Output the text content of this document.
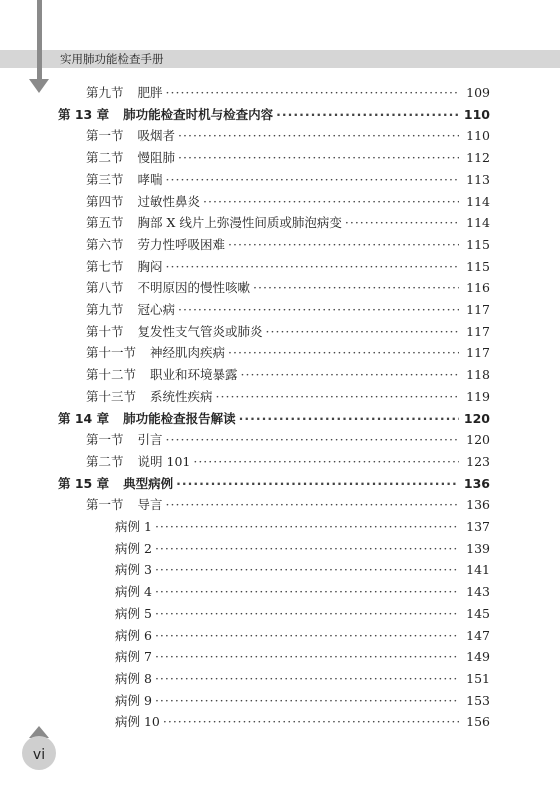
实用肺功能检查手册
第九节 肥胖 ·····	109
第 13 章 肺功能检查时机与检查内容 ·····	110
第一节 吸烟者 ·····	110
第二节 慢阻肺 ·····	112
第三节 哮喘 ·····	113
第四节 过敏性鼻炎 ·····	114
第五节 胸部 X 线片上弥漫性间质或肺泡病变 ·····	114
第六节 劳力性呼吸困难 ·····	115
第七节 胸闷 ·····	115
第八节 不明原因的慢性咳嗽 ·····	116
第九节 冠心病 ·····	117
第十节 复发性支气管炎或肺炎 ·····	117
第十一节 神经肌肉疾病 ·····	117
第十二节 职业和环境暴露 ·····	118
第十三节 系统性疾病 ·····	119
第 14 章 肺功能检查报告解读 ·····	120
第一节 引言 ·····	120
第二节 说明 101 ·····	123
第 15 章 典型病例 ·····	136
第一节 导言 ·····	136
病例 1 ·····	137
病例 2 ·····	139
病例 3 ·····	141
病例 4 ·····	143
病例 5 ·····	145
病例 6 ·····	147
病例 7 ·····	149
病例 8 ·····	151
病例 9 ·····	153
病例 10 ·····	156
vi
